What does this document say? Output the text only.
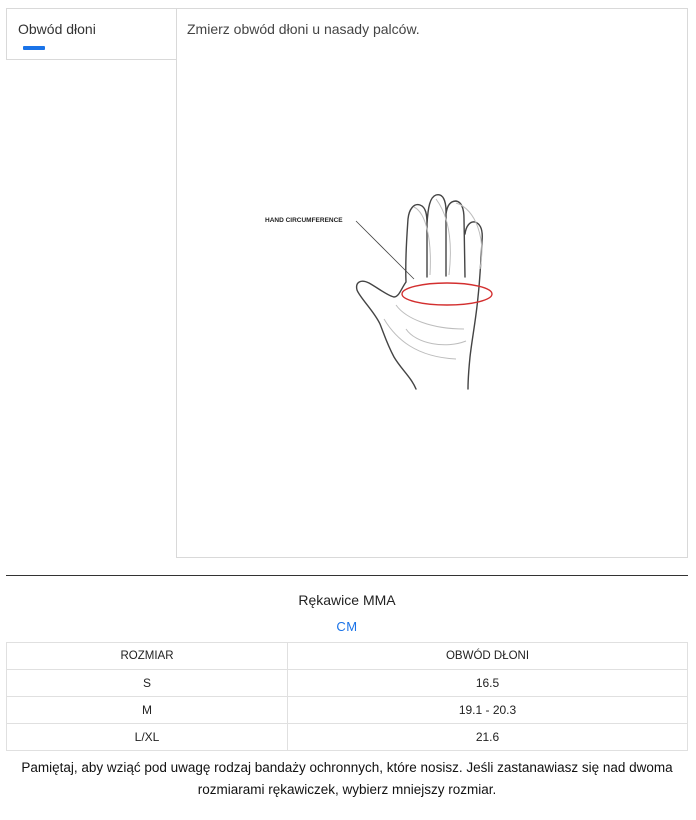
Obwód dłoni	Zmierz obwód dłoni u nasady palców.
HAND CIRCUMFERENCE
Rękawice MMA
CM
ROZMIAR	OBWÓD DŁONI
S	16.5
M	19.1 - 20.3
L/XL	21.6
Pamiętaj, aby wziąć pod uwagę rodzaj bandaży ochronnych, które nosisz. Jeśli zastanawiasz się nad dwoma rozmiarami rękawiczek, wybierz mniejszy rozmiar.
